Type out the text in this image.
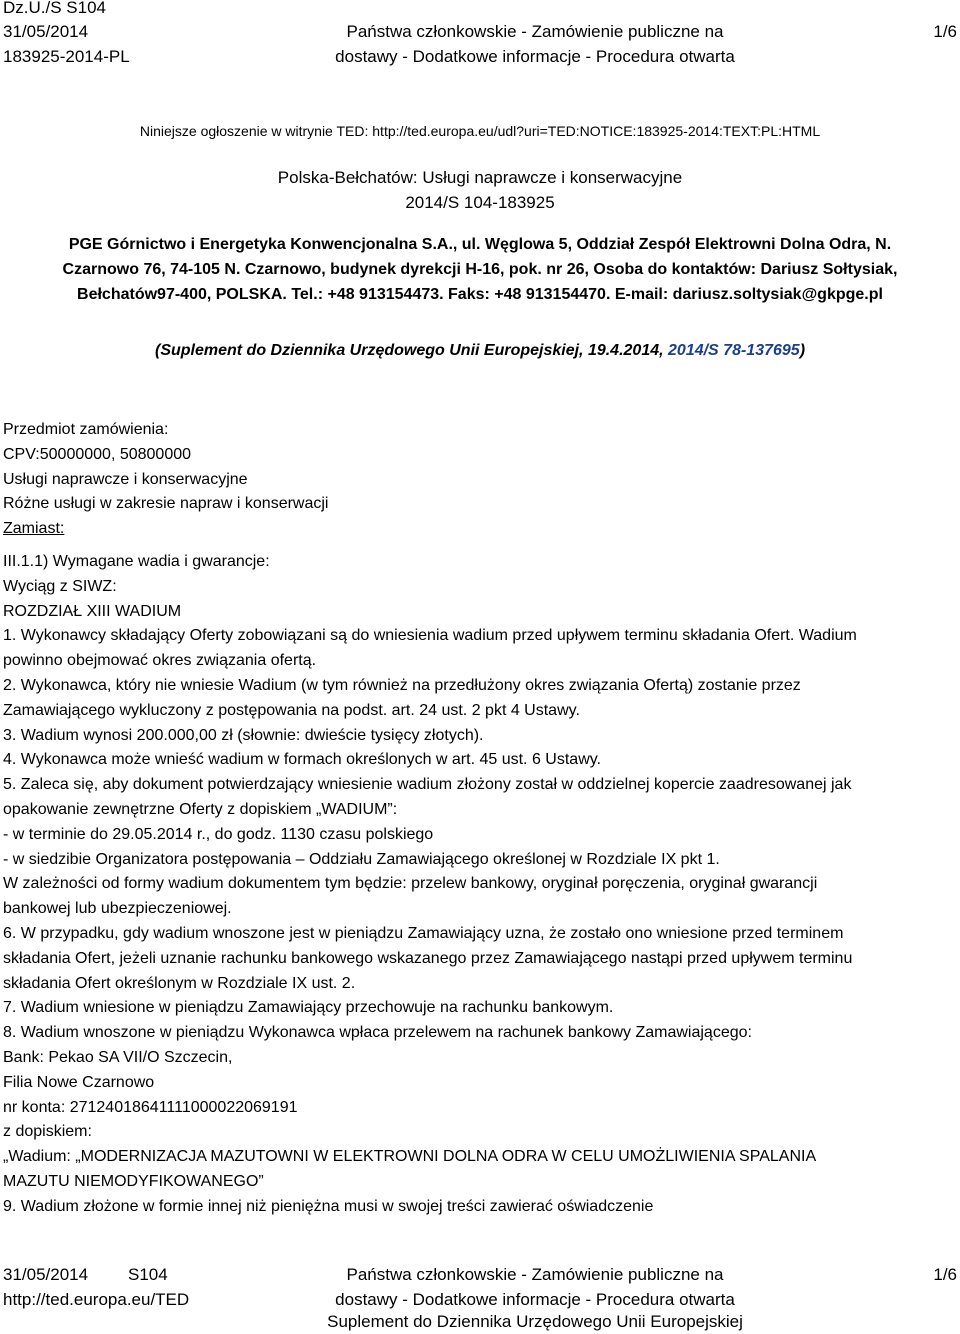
Dz.U./S S104
31/05/2014
183925-2014-PL
Państwa członkowskie - Zamówienie publiczne na
dostawy - Dodatkowe informacje - Procedura otwarta
1/6
Niniejsze ogłoszenie w witrynie TED: http://ted.europa.eu/udl?uri=TED:NOTICE:183925-2014:TEXT:PL:HTML
Polska-Bełchatów: Usługi naprawcze i konserwacyjne
2014/S 104-183925
PGE Górnictwo i Energetyka Konwencjonalna S.A., ul. Węglowa 5, Oddział Zespół Elektrowni Dolna Odra, N.
Czarnowo 76, 74-105 N. Czarnowo, budynek dyrekcji H-16, pok. nr 26, Osoba do kontaktów: Dariusz Sołtysiak,
Bełchatów97-400, POLSKA. Tel.: +48 913154473. Faks: +48 913154470. E-mail: dariusz.soltysiak@gkpge.pl
(Suplement do Dziennika Urzędowego Unii Europejskiej, 19.4.2014, 2014/S 78-137695)

Przedmiot zamówienia:

CPV:50000000, 50800000

Usługi naprawcze i konserwacyjne

Różne usługi w zakresie napraw i konserwacji

Zamiast:

III.1.1) Wymagane wadia i gwarancje:

Wyciąg z SIWZ:

ROZDZIAŁ XIII WADIUM

1. Wykonawcy składający Oferty zobowiązani są do wniesienia wadium przed upływem terminu składania Ofert. Wadium

powinno obejmować okres związania ofertą.

2. Wykonawca, który nie wniesie Wadium (w tym również na przedłużony okres związania Ofertą) zostanie przez

Zamawiającego wykluczony z postępowania na podst. art. 24 ust. 2 pkt 4 Ustawy.

3. Wadium wynosi 200.000,00 zł (słownie: dwieście tysięcy złotych).

4. Wykonawca może wnieść wadium w formach określonych w art. 45 ust. 6 Ustawy.

5. Zaleca się, aby dokument potwierdzający wniesienie wadium złożony został w oddzielnej kopercie zaadresowanej jak

opakowanie zewnętrzne Oferty z dopiskiem „WADIUM”:

- w terminie do 29.05.2014 r., do godz. 1130 czasu polskiego

- w siedzibie Organizatora postępowania – Oddziału Zamawiającego określonej w Rozdziale IX pkt 1.

W zależności od formy wadium dokumentem tym będzie: przelew bankowy, oryginał poręczenia, oryginał gwarancji

bankowej lub ubezpieczeniowej.

6. W przypadku, gdy wadium wnoszone jest w pieniądzu Zamawiający uzna, że zostało ono wniesione przed terminem

składania Ofert, jeżeli uznanie rachunku bankowego wskazanego przez Zamawiającego nastąpi przed upływem terminu

składania Ofert określonym w Rozdziale IX ust. 2.

7. Wadium wniesione w pieniądzu Zamawiający przechowuje na rachunku bankowym.

8. Wadium wnoszone w pieniądzu Wykonawca wpłaca przelewem na rachunek bankowy Zamawiającego:

Bank: Pekao SA VII/O Szczecin,

Filia Nowe Czarnowo

nr konta: 27124018641111000022069191

z dopiskiem:

„Wadium: „MODERNIZACJA MAZUTOWNI W ELEKTROWNI DOLNA ODRA W CELU UMOŻLIWIENIA SPALANIA

MAZUTU NIEMODYFIKOWANEGO”

9. Wadium złożone w formie innej niż pieniężna musi w swojej treści zawierać oświadczenie

31/05/2014 S104
http://ted.europa.eu/TED
Państwa członkowskie - Zamówienie publiczne na
dostawy - Dodatkowe informacje - Procedura otwarta
Suplement do Dziennika Urzędowego Unii Europejskiej
1/6
